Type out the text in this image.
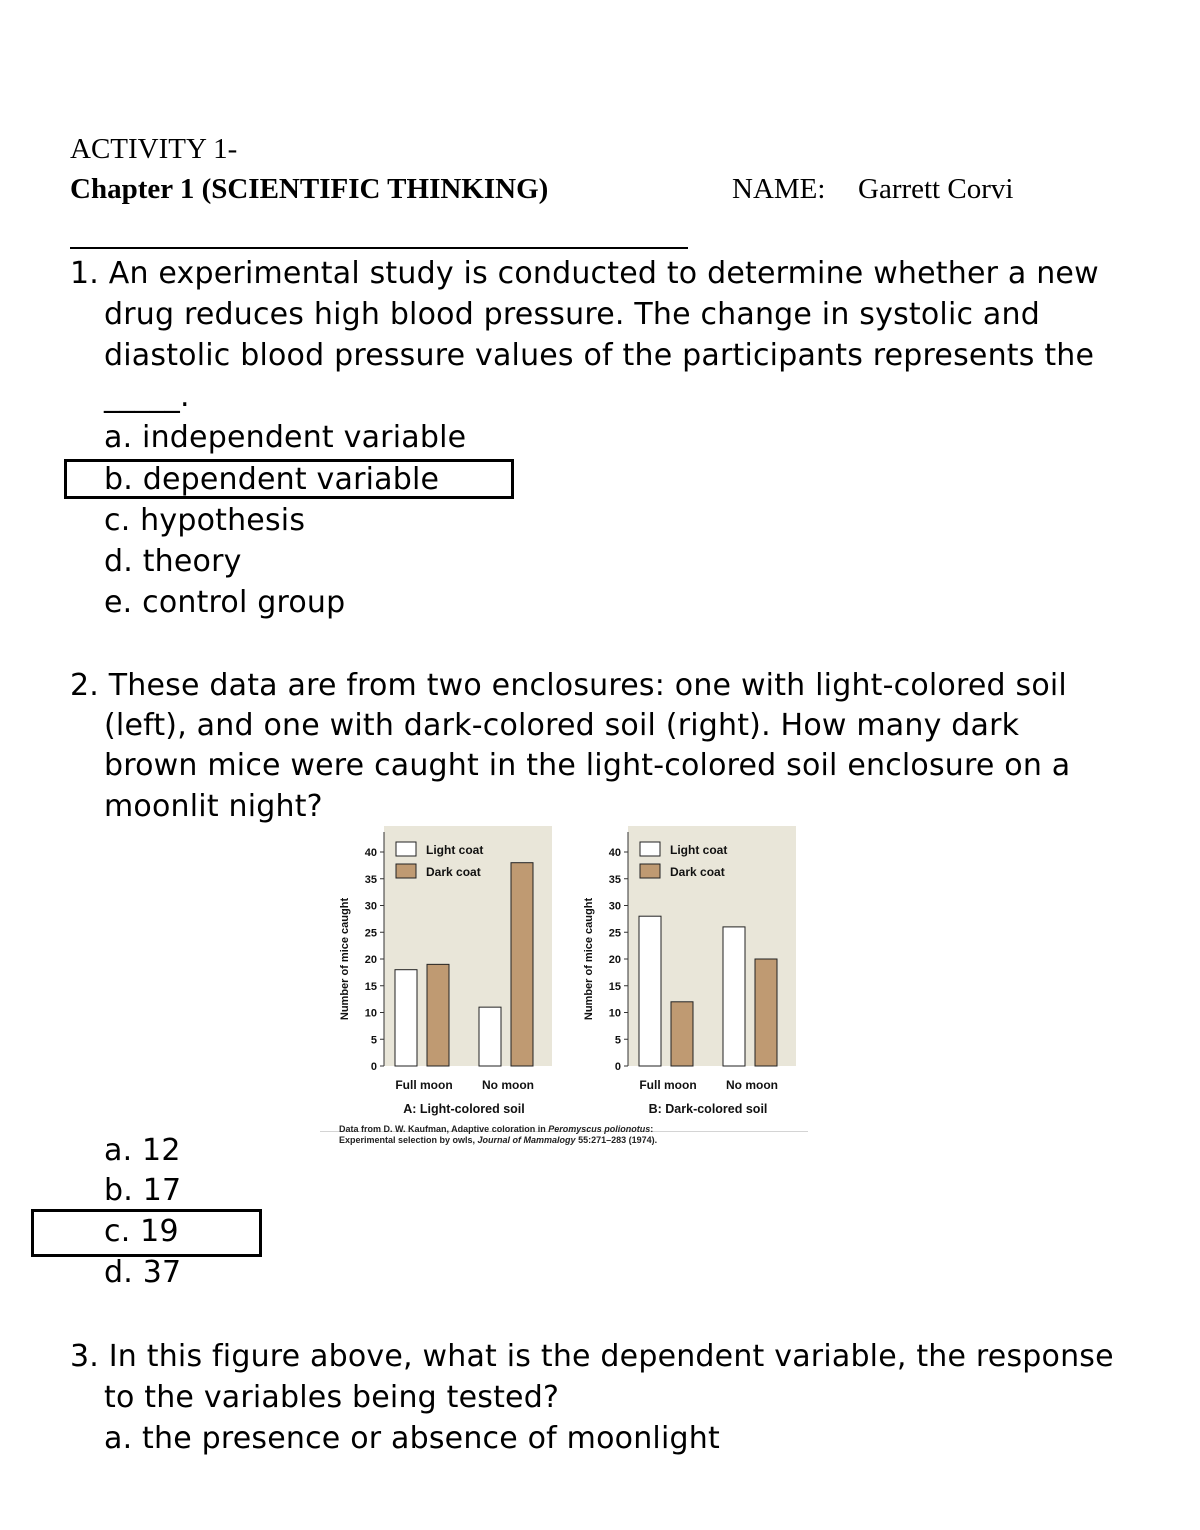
ACTIVITY 1-
Chapter 1 (SCIENTIFIC THINKING)	NAME: Garrett Corvi
1. An experimental study is conducted to determine whether a new
drug reduces high blood pressure. The change in systolic and
diastolic blood pressure values of the participants represents the
_____.
a. independent variable
b. dependent variable
c. hypothesis
d. theory
e. control group
2. These data are from two enclosures: one with light-colored soil
(left), and one with dark-colored soil (right). How many dark
brown mice were caught in the light-colored soil enclosure on a
moonlit night?
0
5
10
15
20
25
30
35
40
Number of mice caught
Full moon No moon
Light coat
Dark coat
A: Light-colored soil
0
5
10
15
20
25
30
35
40
Number of mice caught
Full moon No moon
Light coat
Dark coat
B: Dark-colored soil
Data from D. W. Kaufman, Adaptive coloration in Peromyscus polionotus:
Experimental selection by owls, Journal of Mammalogy 55:271–283 (1974).
a. 12
b. 17
c. 19
d. 37
3. In this figure above, what is the dependent variable, the response
to the variables being tested?
a. the presence or absence of moonlight
